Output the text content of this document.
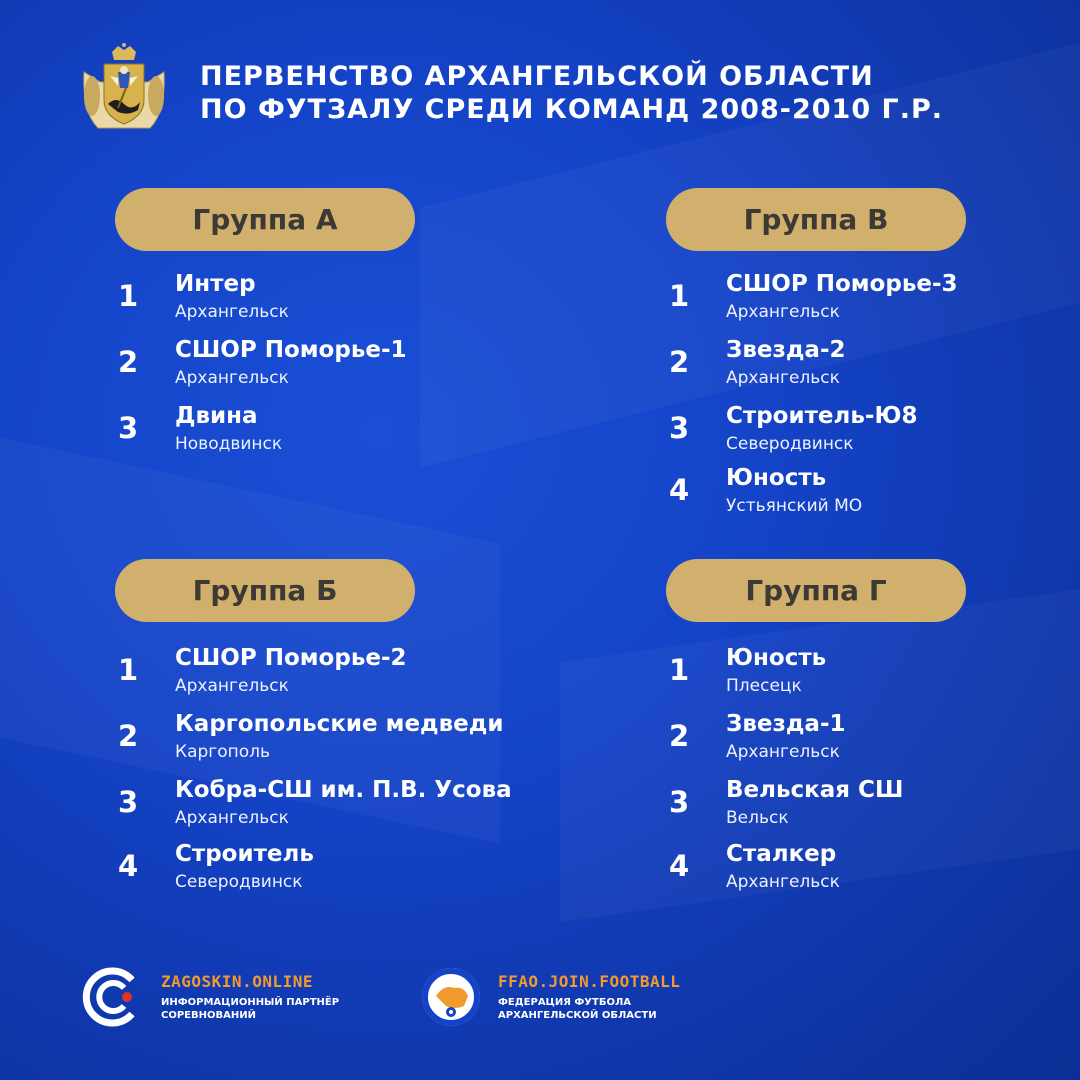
ПЕРВЕНСТВО АРХАНГЕЛЬСКОЙ ОБЛАСТИ
ПО ФУТЗАЛУ СРЕДИ КОМАНД 2008-2010 Г.Р.
Группа А
1	Интер
Архангельск
2	СШОР Поморье-1
Архангельск
3	Двина
Новодвинск
Группа В
1	СШОР Поморье-3
Архангельск
2	Звезда-2
Архангельск
3	Строитель-Ю8
Северодвинск
4	Юность
Устьянский МО
Группа Б
1	СШОР Поморье-2
Архангельск
2	Каргопольские медведи
Каргополь
3	Кобра-СШ им. П.В. Усова
Архангельск
4	Строитель
Северодвинск
Группа Г
1	Юность
Плесецк
2	Звезда-1
Архангельск
3	Вельская СШ
Вельск
4	Сталкер
Архангельск
ZAGOSKIN.ONLINE
ИНФОРМАЦИОННЫЙ ПАРТНЁР
СОРЕВНОВАНИЙ
FFAO.JOIN.FOOTBALL
ФЕДЕРАЦИЯ ФУТБОЛА
АРХАНГЕЛЬСКОЙ ОБЛАСТИ
